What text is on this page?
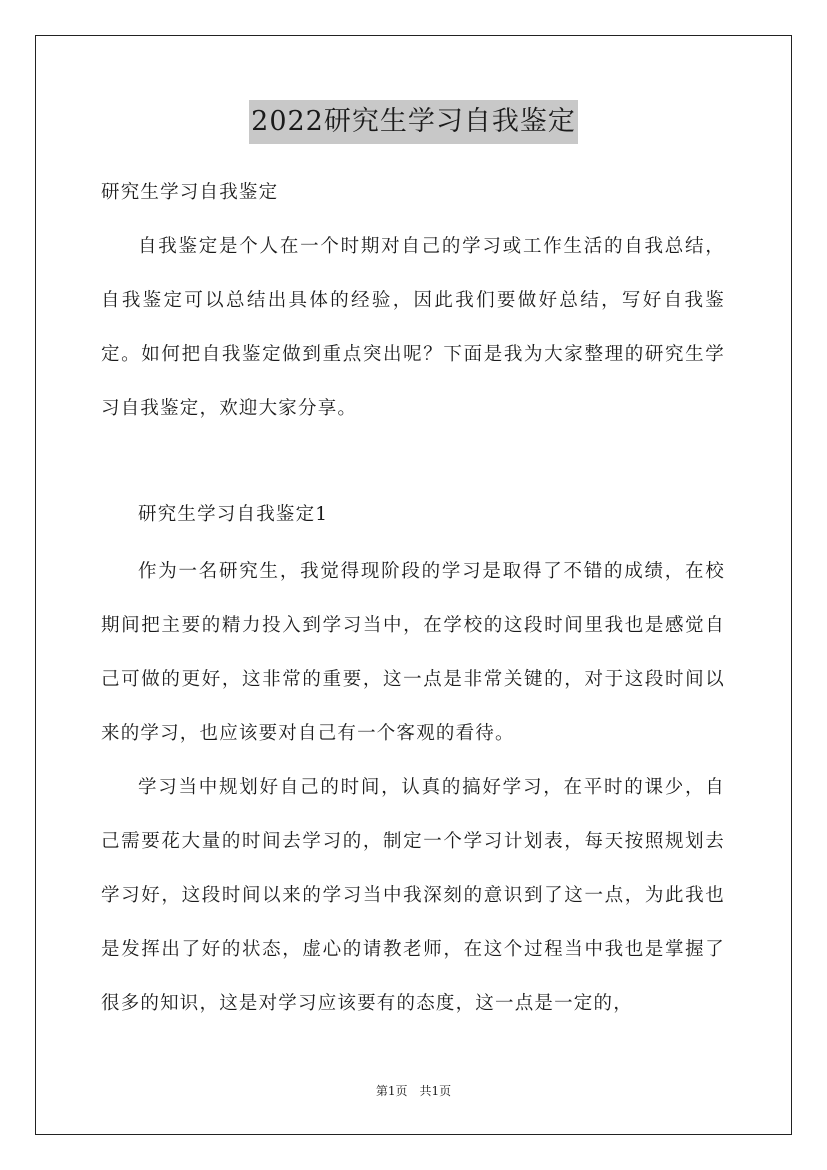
2022研究生学习自我鉴定

研究生学习自我鉴定

自我鉴定是个人在一个时期对自己的学习或工作生活的自我总结，自我鉴定可以总结出具体的经验，因此我们要做好总结，写好自我鉴定。如何把自我鉴定做到重点突出呢？下面是我为大家整理的研究生学习自我鉴定，欢迎大家分享。

研究生学习自我鉴定1

作为一名研究生，我觉得现阶段的学习是取得了不错的成绩，在校期间把主要的精力投入到学习当中，在学校的这段时间里我也是感觉自己可做的更好，这非常的重要，这一点是非常关键的，对于这段时间以来的学习，也应该要对自己有一个客观的看待。

学习当中规划好自己的时间，认真的搞好学习，在平时的课少，自己需要花大量的时间去学习的，制定一个学习计划表，每天按照规划去学习好，这段时间以来的学习当中我深刻的意识到了这一点，为此我也是发挥出了好的状态，虚心的请教老师，在这个过程当中我也是掌握了很多的知识，这是对学习应该要有的态度，这一点是一定的，

第1页　共1页
